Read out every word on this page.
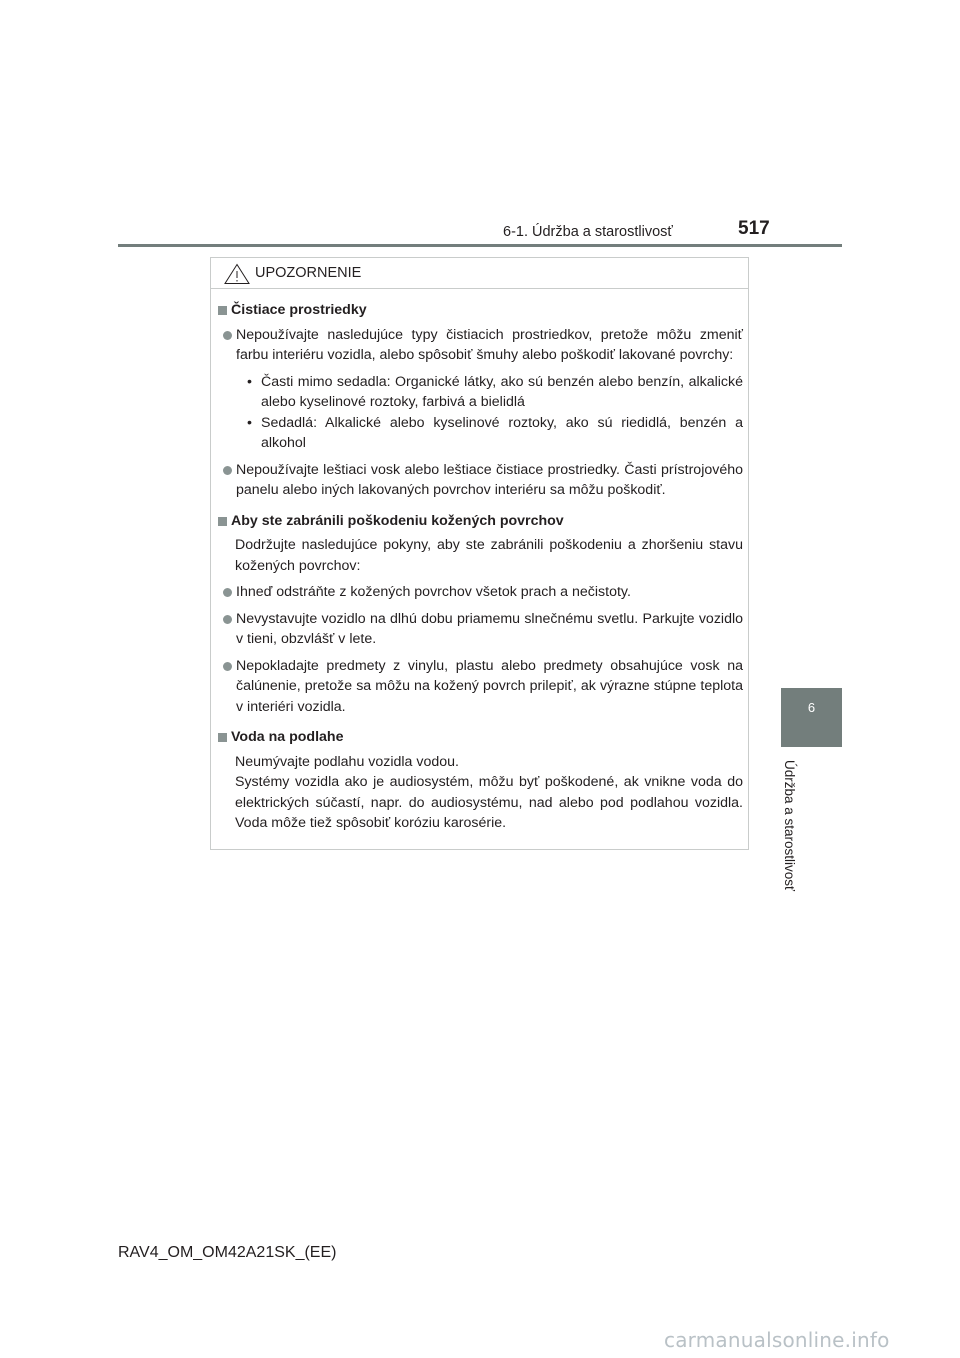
6-1. Údržba a starostlivosť	517
6
Údržba a starostlivosť
UPOZORNENIE
Čistiace prostriedky
Nepoužívajte nasledujúce typy čistiacich prostriedkov, pretože môžu zmeniť farbu interiéru vozidla, alebo spôsobiť šmuhy alebo poškodiť lakované povrchy:
• Časti mimo sedadla: Organické látky, ako sú benzén alebo benzín, alkalické alebo kyselinové roztoky, farbivá a bielidlá
• Sedadlá: Alkalické alebo kyselinové roztoky, ako sú riedidlá, benzén a alkohol
Nepoužívajte leštiaci vosk alebo leštiace čistiace prostriedky. Časti prístrojového panelu alebo iných lakovaných povrchov interiéru sa môžu poškodiť.
Aby ste zabránili poškodeniu kožených povrchov
Dodržujte nasledujúce pokyny, aby ste zabránili poškodeniu a zhoršeniu stavu kožených povrchov:
Ihneď odstráňte z kožených povrchov všetok prach a nečistoty.
Nevystavujte vozidlo na dlhú dobu priamemu slnečnému svetlu. Parkujte vozidlo v tieni, obzvlášť v lete.
Nepokladajte predmety z vinylu, plastu alebo predmety obsahujúce vosk na čalúnenie, pretože sa môžu na kožený povrch prilepiť, ak výrazne stúpne teplota v interiéri vozidla.
Voda na podlahe
Neumývajte podlahu vozidla vodou.
Systémy vozidla ako je audiosystém, môžu byť poškodené, ak vnikne voda do elektrických súčastí, napr. do audiosystému, nad alebo pod podlahou vozidla. Voda môže tiež spôsobiť koróziu karosérie.
RAV4_OM_OM42A21SK_(EE)
carmanualsonline.info
